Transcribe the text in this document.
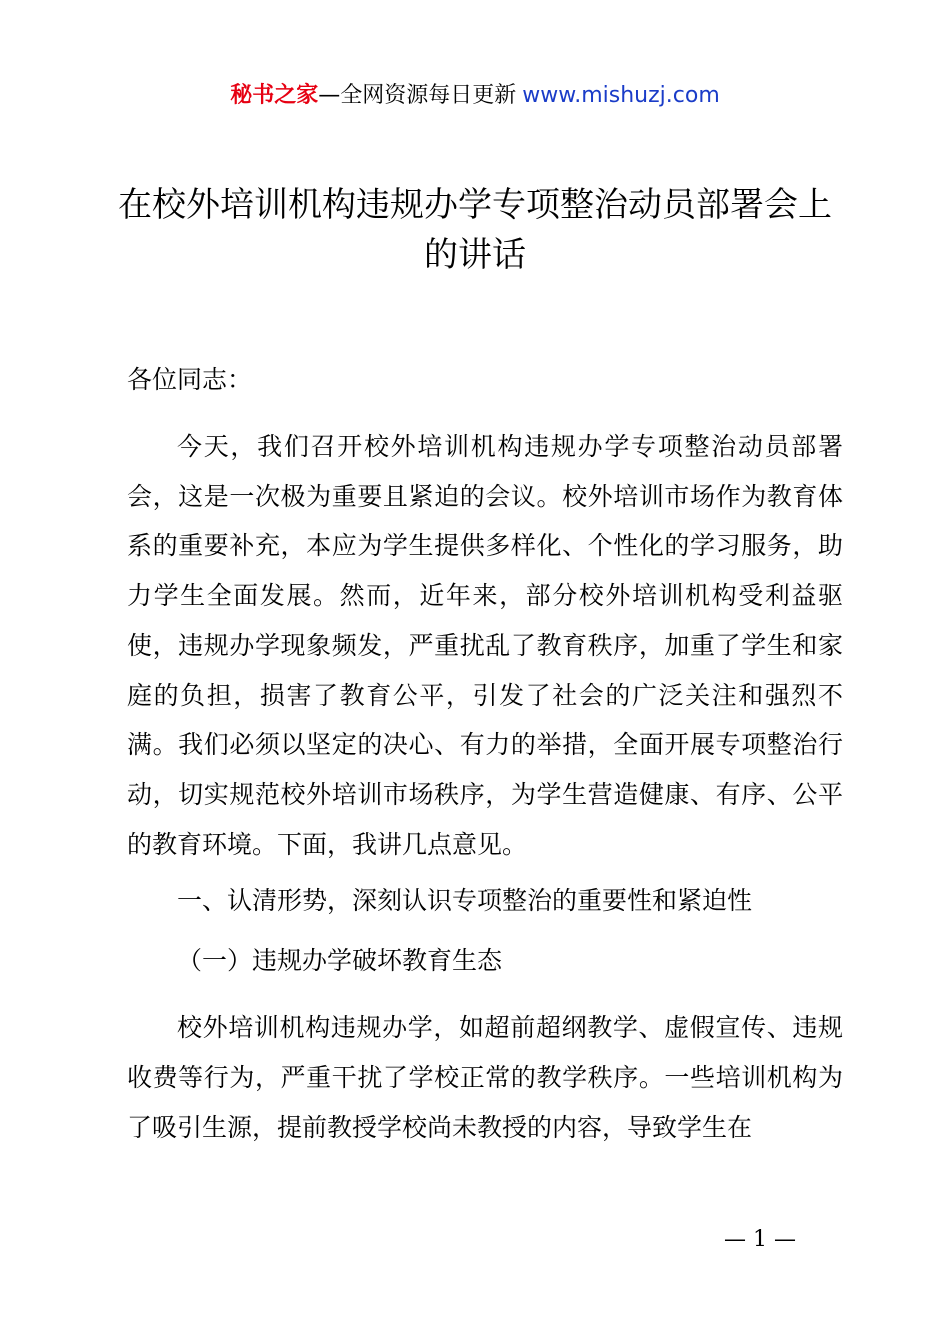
秘书之家—全网资源每日更新 www.mishuzj.com
在校外培训机构违规办学专项整治动员部署会上的讲话

各位同志：

今天，我们召开校外培训机构违规办学专项整治动员部署会，这是一次极为重要且紧迫的会议。校外培训市场作为教育体系的重要补充，本应为学生提供多样化、个性化的学习服务，助力学生全面发展。然而，近年来，部分校外培训机构受利益驱使，违规办学现象频发，严重扰乱了教育秩序，加重了学生和家庭的负担，损害了教育公平，引发了社会的广泛关注和强烈不满。我们必须以坚定的决心、有力的举措，全面开展专项整治行动，切实规范校外培训市场秩序，为学生营造健康、有序、公平的教育环境。下面，我讲几点意见。

一、认清形势，深刻认识专项整治的重要性和紧迫性

（一）违规办学破坏教育生态

校外培训机构违规办学，如超前超纲教学、虚假宣传、违规收费等行为，严重干扰了学校正常的教学秩序。一些培训机构为了吸引生源，提前教授学校尚未教授的内容，导致学生在

— 1 —
